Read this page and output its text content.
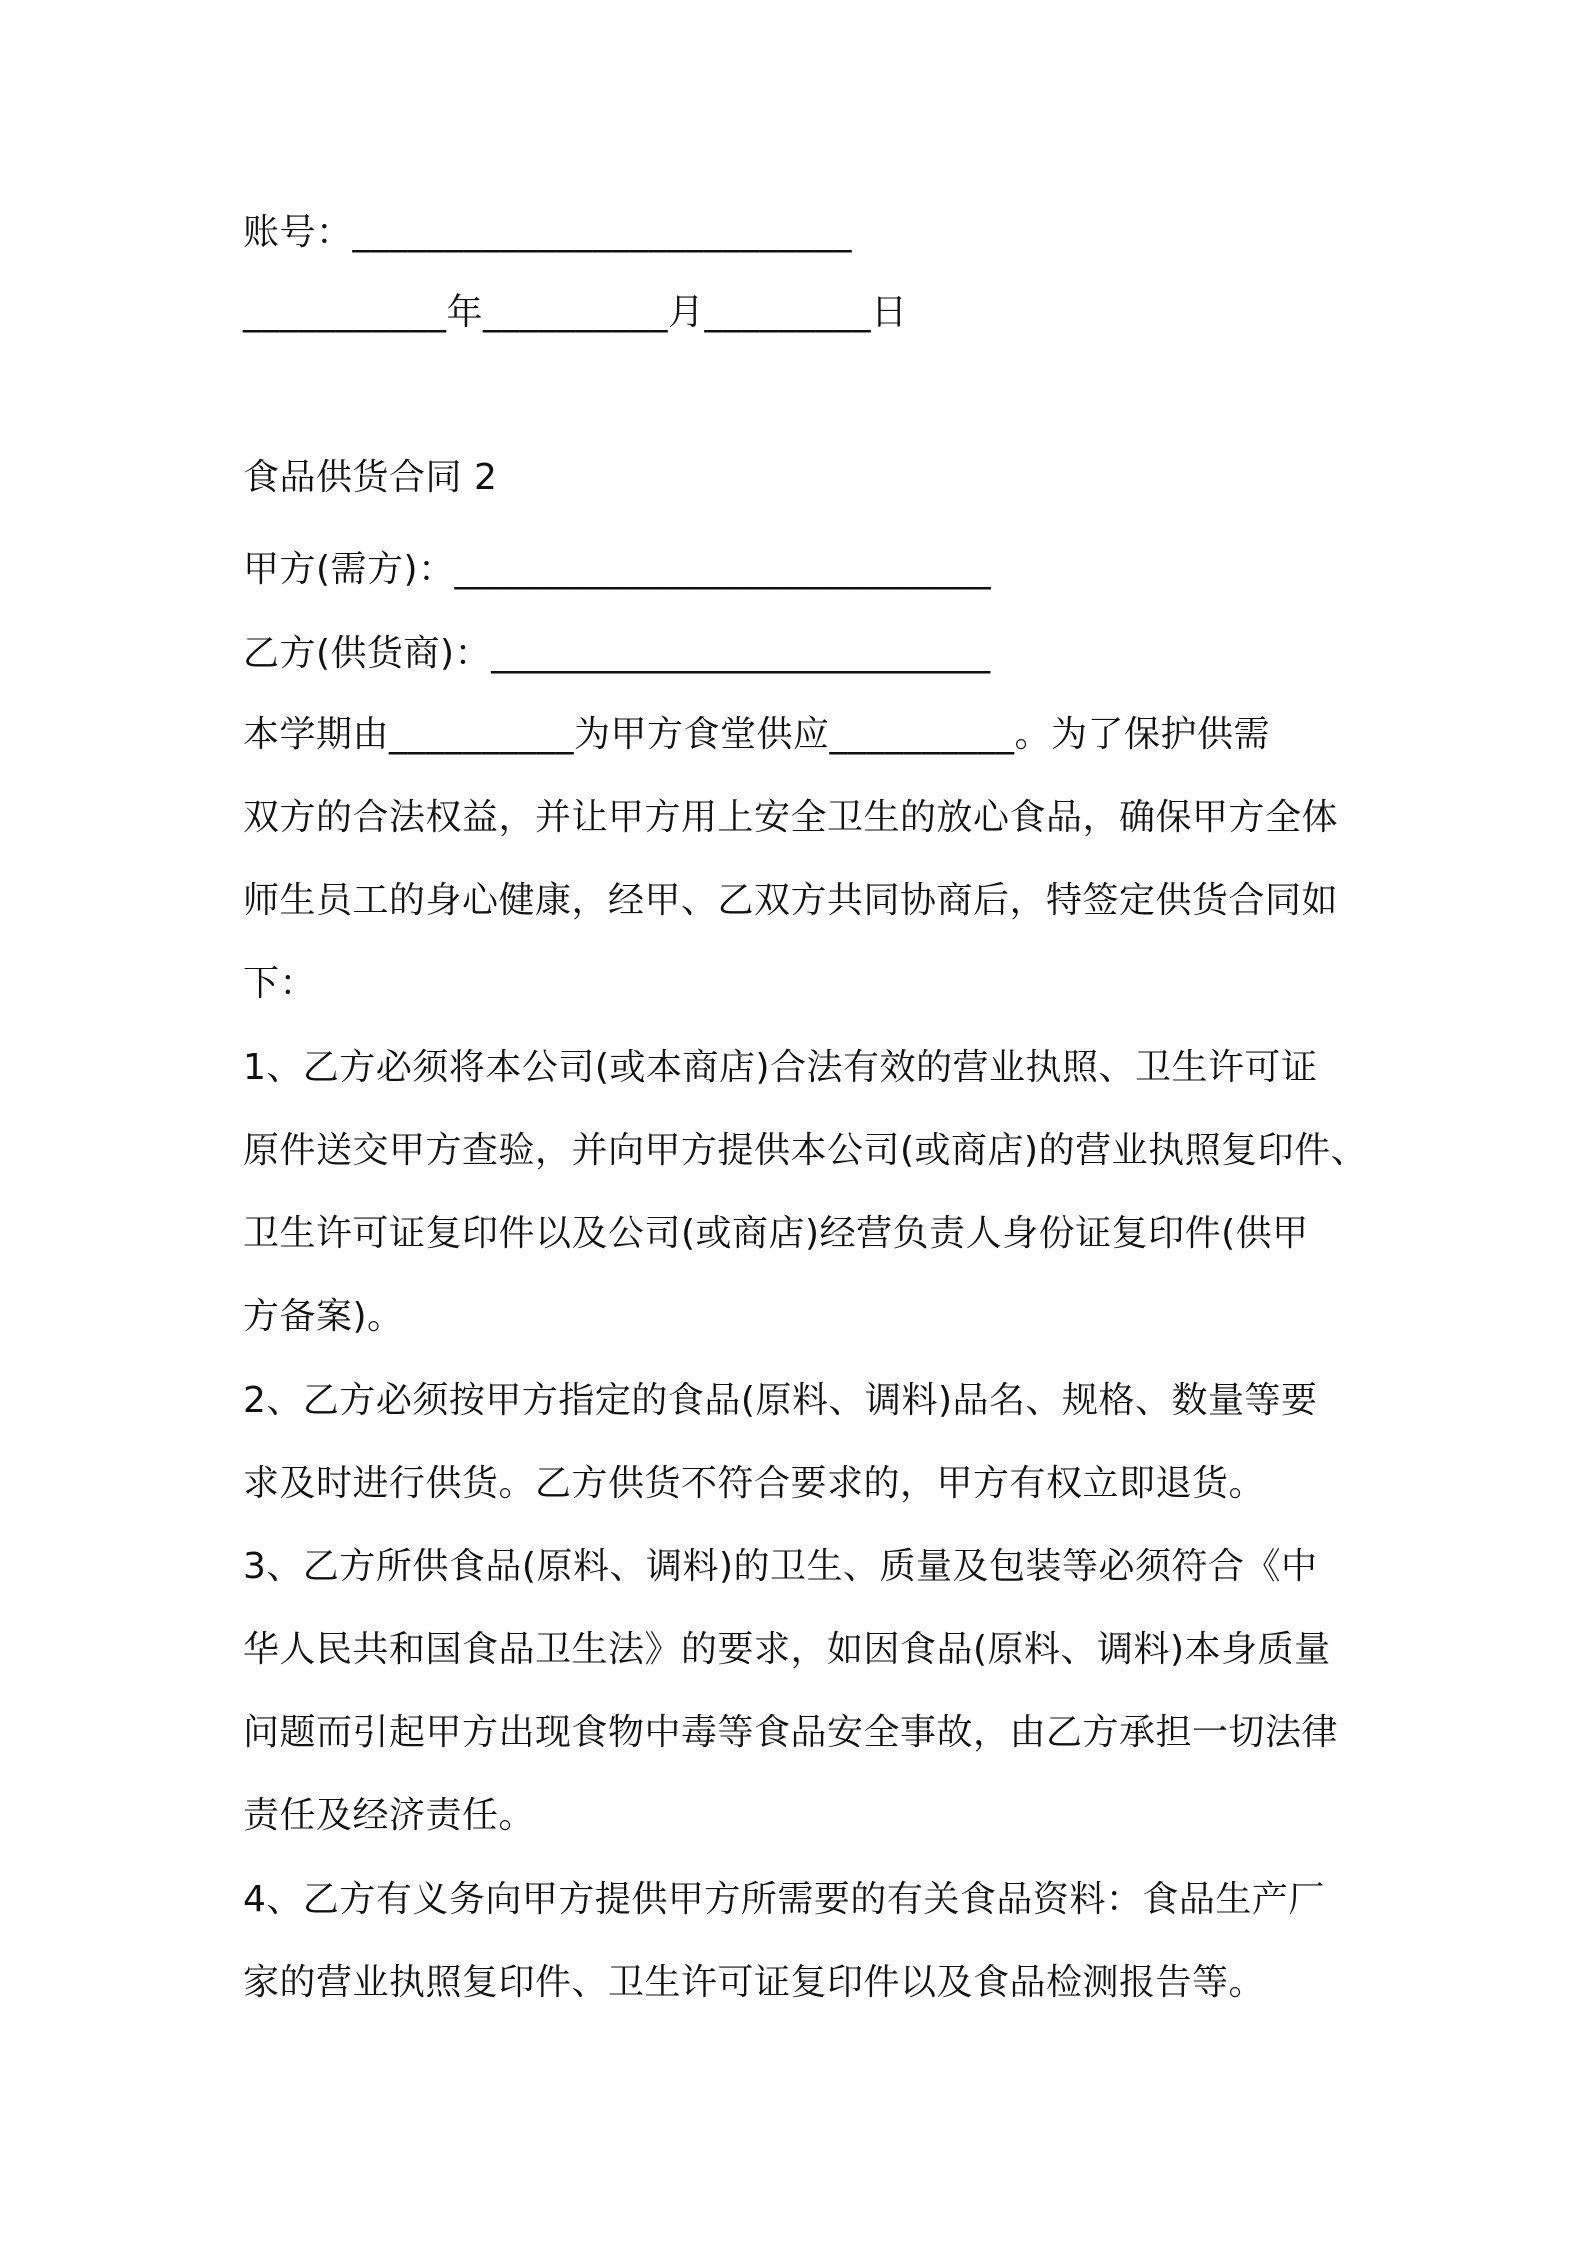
账号：___________________________
___________年__________月_________日
食品供货合同 2
甲方(需方)：_____________________________
乙方(供货商)：___________________________
本学期由__________为甲方食堂供应__________。为了保护供需
双方的合法权益，并让甲方用上安全卫生的放心食品，确保甲方全体
师生员工的身心健康，经甲、乙双方共同协商后，特签定供货合同如
下：
1、乙方必须将本公司(或本商店)合法有效的营业执照、卫生许可证
原件送交甲方查验，并向甲方提供本公司(或商店)的营业执照复印件、
卫生许可证复印件以及公司(或商店)经营负责人身份证复印件(供甲
方备案)。
2、乙方必须按甲方指定的食品(原料、调料)品名、规格、数量等要
求及时进行供货。乙方供货不符合要求的，甲方有权立即退货。
3、乙方所供食品(原料、调料)的卫生、质量及包装等必须符合《中
华人民共和国食品卫生法》的要求，如因食品(原料、调料)本身质量
问题而引起甲方出现食物中毒等食品安全事故，由乙方承担一切法律
责任及经济责任。
4、乙方有义务向甲方提供甲方所需要的有关食品资料：食品生产厂
家的营业执照复印件、卫生许可证复印件以及食品检测报告等。
